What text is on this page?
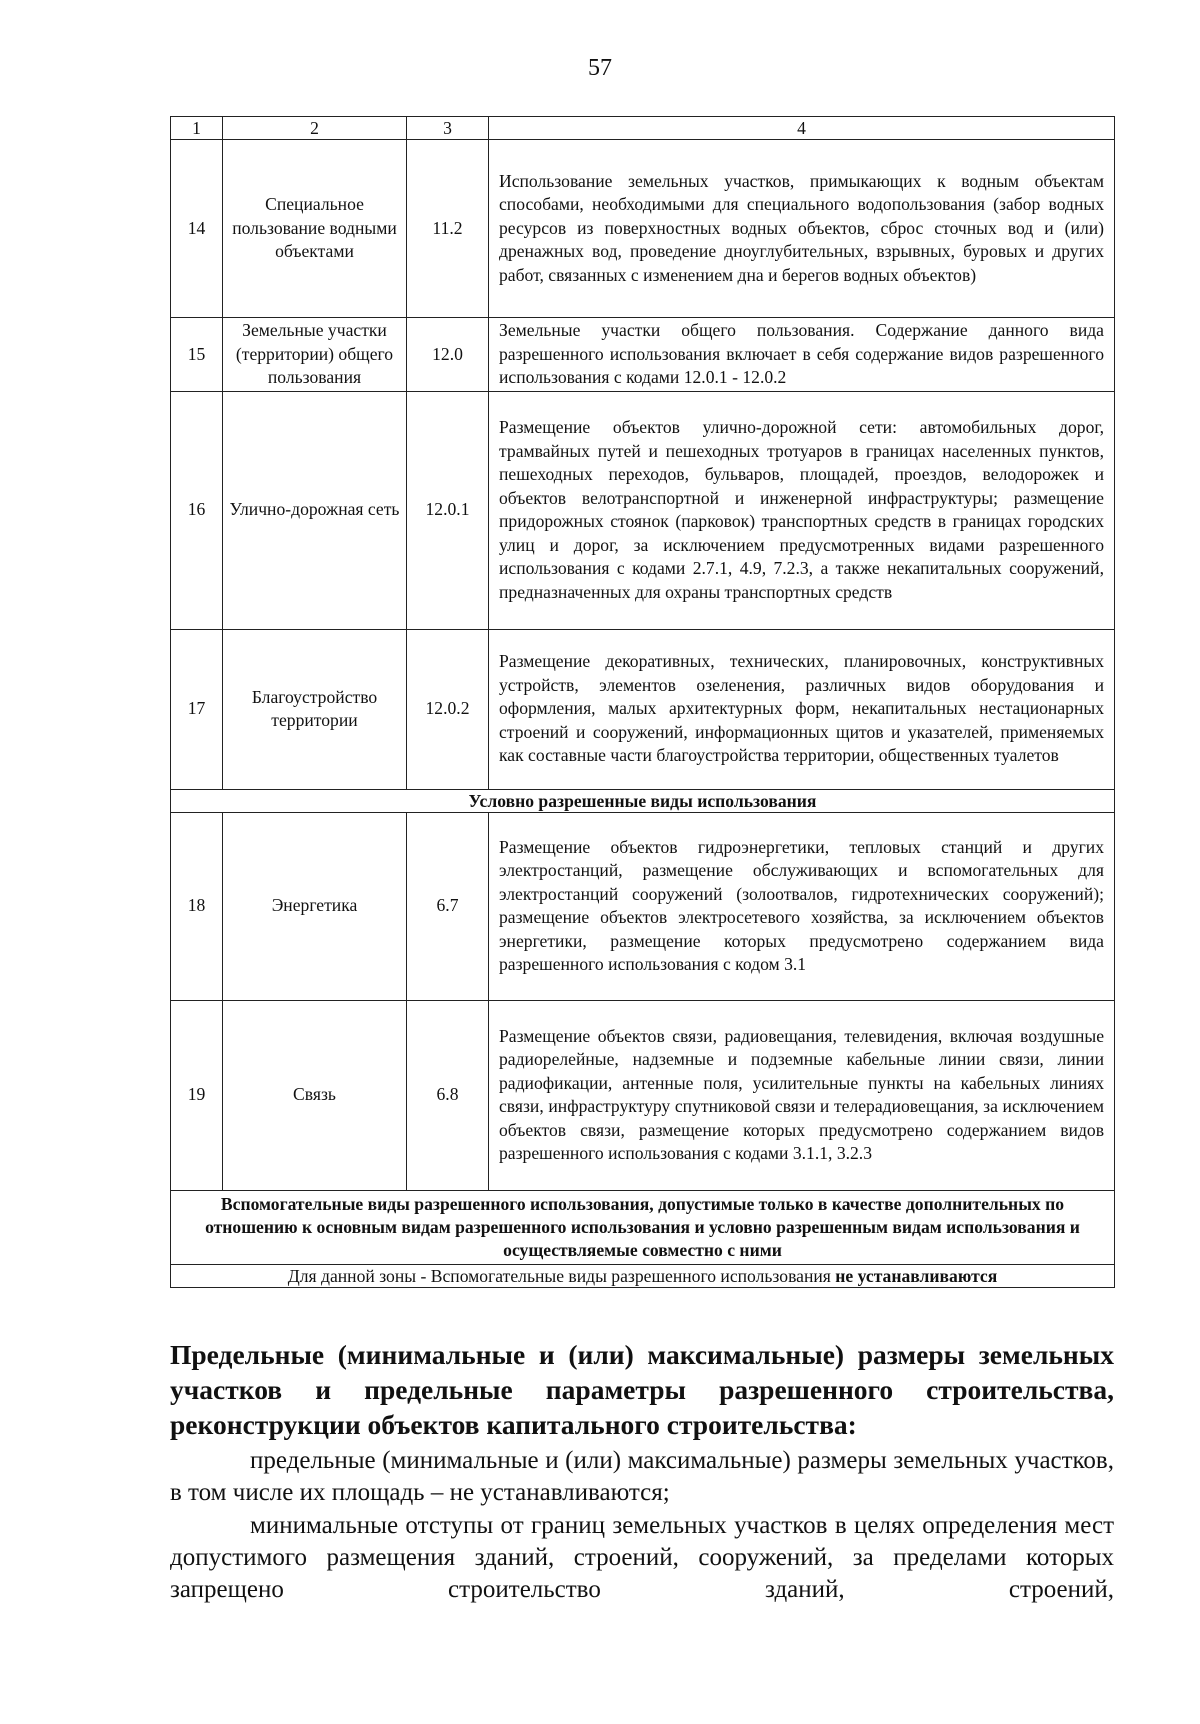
57
1	2	3	4
14	Специальное пользование водными объектами	11.2	Использование земельных участков, примыкающих к водным объектам способами, необходимыми для специального водопользования (забор водных ресурсов из поверхностных водных объектов, сброс сточных вод и (или) дренажных вод, проведение дноуглубительных, взрывных, буровых и других работ, связанных с изменением дна и берегов водных объектов)
15	Земельные участки (территории) общего пользования	12.0	Земельные участки общего пользования. Содержание данного вида разрешенного использования включает в себя содержание видов разрешенного использования с кодами 12.0.1 - 12.0.2
16	Улично-дорожная сеть	12.0.1	Размещение объектов улично-дорожной сети: автомобильных дорог, трамвайных путей и пешеходных тротуаров в границах населенных пунктов, пешеходных переходов, бульваров, площадей, проездов, велодорожек и объектов велотранспортной и инженерной инфраструктуры; размещение придорожных стоянок (парковок) транспортных средств в границах городских улиц и дорог, за исключением предусмотренных видами разрешенного использования с кодами 2.7.1, 4.9, 7.2.3, а также некапитальных сооружений, предназначенных для охраны транспортных средств
17	Благоустройство территории	12.0.2	Размещение декоративных, технических, планировочных, конструктивных устройств, элементов озеленения, различных видов оборудования и оформления, малых архитектурных форм, некапитальных нестационарных строений и сооружений, информационных щитов и указателей, применяемых как составные части благоустройства территории, общественных туалетов
Условно разрешенные виды использования			
18	Энергетика	6.7	Размещение объектов гидроэнергетики, тепловых станций и других электростанций, размещение обслуживающих и вспомогательных для электростанций сооружений (золоотвалов, гидротехнических сооружений); размещение объектов электросетевого хозяйства, за исключением объектов энергетики, размещение которых предусмотрено содержанием вида разрешенного использования с кодом 3.1
19	Связь	6.8	Размещение объектов связи, радиовещания, телевидения, включая воздушные радиорелейные, надземные и подземные кабельные линии связи, линии радиофикации, антенные поля, усилительные пункты на кабельных линиях связи, инфраструктуру спутниковой связи и телерадиовещания, за исключением объектов связи, размещение которых предусмотрено содержанием видов разрешенного использования с кодами 3.1.1, 3.2.3
Вспомогательные виды разрешенного использования, допустимые только в качестве дополнительных по отношению к основным видам разрешенного использования и условно разрешенным видам использования и осуществляемые совместно с ними			
Для данной зоны - Вспомогательные виды разрешенного использования не устанавливаются			
Предельные (минимальные и (или) максимальные) размеры земельных участков и предельные параметры разрешенного строительства, реконструкции объектов капитального строительства:
предельные (минимальные и (или) максимальные) размеры земельных участков, в том числе их площадь – не устанавливаются;
минимальные отступы от границ земельных участков в целях определения мест допустимого размещения зданий, строений, сооружений, за пределами которых запрещено строительство зданий, строений,
